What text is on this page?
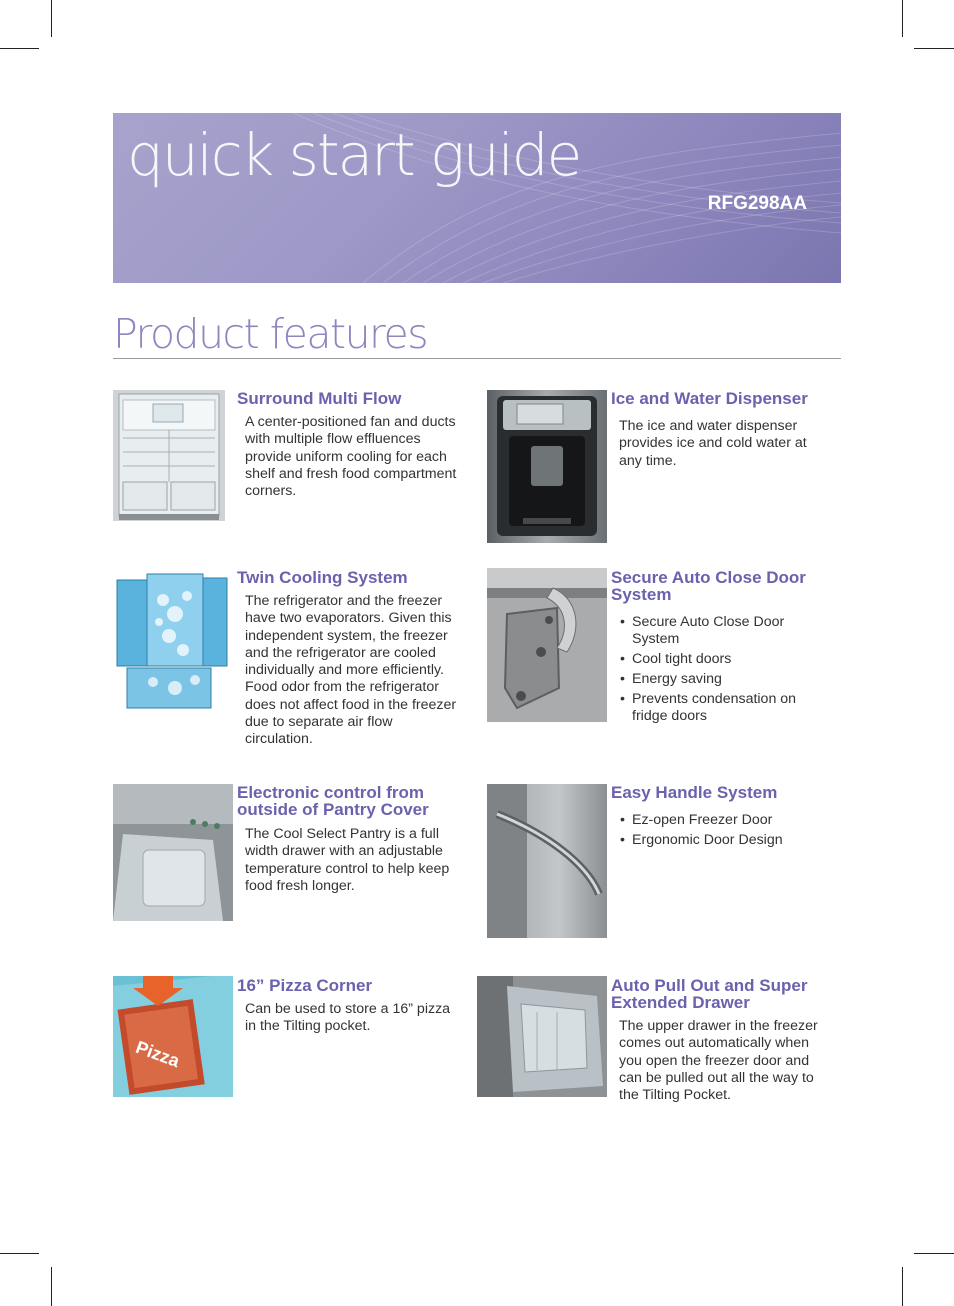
quick start guide
RFG298AA
Product features
Surround Multi Flow
A center-positioned fan and ducts with multiple flow effluences provide uniform cooling for each shelf and fresh food compartment corners.
Ice and Water Dispenser
The ice and water dispenser provides ice and cold water at any time.
Twin Cooling System
The refrigerator and the freezer have two evaporators. Given this independent system, the freezer and the refrigerator are cooled individually and more efficiently. Food odor from the refrigerator does not affect food in the freezer due to separate air flow circulation.
Secure Auto Close Door
System
• Secure Auto Close Door System
• Cool tight doors
• Energy saving
• Prevents condensation on fridge doors
Electronic control from
outside of Pantry Cover
The Cool Select Pantry is a full width drawer with an adjustable temperature control to help keep food fresh longer.
Easy Handle System
• Ez-open Freezer Door
• Ergonomic Door Design
Pizza
16” Pizza Corner
Can be used to store a 16” pizza in the Tilting pocket.
Auto Pull Out and Super
Extended Drawer
The upper drawer in the freezer comes out automatically when you open the freezer door and can be pulled out all the way to the Tilting Pocket.
